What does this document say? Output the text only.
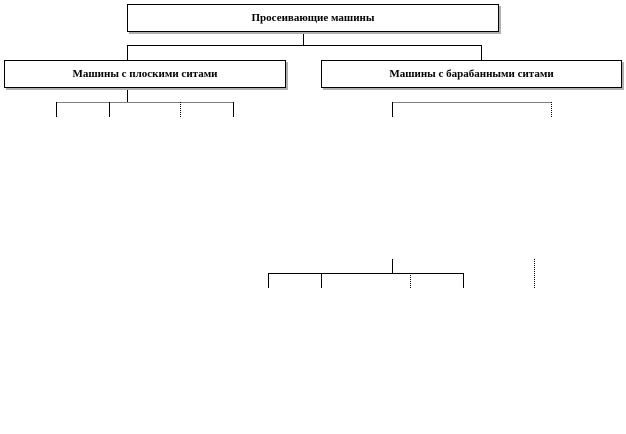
Просеивающие машины
Машины с плоскими ситами	Машины с барабанными ситами
